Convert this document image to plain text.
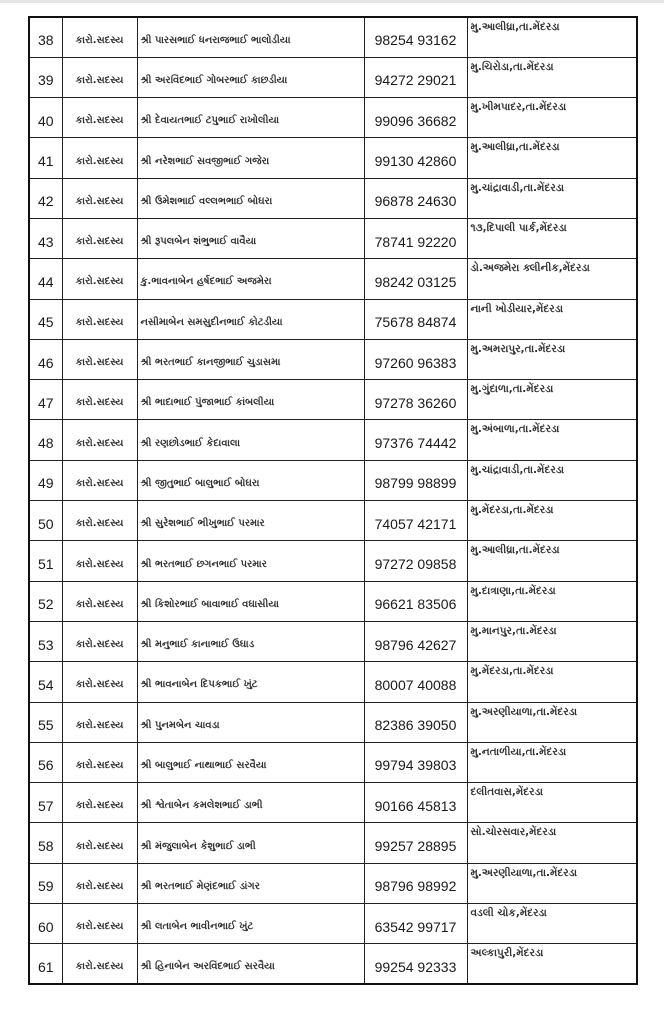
38	કારો.સદસ્ય	શ્રી પારસભાઈ ધનરાજભાઈ ભાલોડીયા	98254 93162	મુ.આલીધ્રા,તા.મેંદરડા
39	કારો.સદસ્ય	શ્રી અરવિંદભાઈ ગોબરભાઈ કાછડીયા	94272 29021	મુ.ચિરોડા,તા.મેંદરડા
40	કારો.સદસ્ય	શ્રી દેવાયતભાઈ ટપુભાઈ રાખોલીયા	99096 36682	મુ.ખીમપાદર,તા.મેંદરડા
41	કારો.સદસ્ય	શ્રી નરેશભાઈ સવજીભાઈ ગજેરા	99130 42860	મુ.આલીધ્રા,તા.મેંદરડા
42	કારો.સદસ્ય	શ્રી ઉમેશભાઈ વલ્લભભાઈ બોઘરા	96878 24630	મુ.ચાંદ્રાવાડી,તા.મેંદરડા
43	કારો.સદસ્ય	શ્રી રૂપલબેન શંભુભાઈ વાવૈયા	78741 92220	૧૩,દિપાલી પાર્ક,મેંદરડા
44	કારો.સદસ્ય	કુ.ભાવનાબેન હર્ષદભાઈ અજમેરા	98242 03125	ડો.અજમેરા ક્લીનીક,મેંદરડા
45	કારો.સદસ્ય	નસીમાબેન સમસુદીનભાઈ કોટડીયા	75678 84874	નાની ખોડીયાર,મેંદરડા
46	કારો.સદસ્ય	શ્રી ભરતભાઈ કાનજીભાઈ ચુડાસમા	97260 96383	મુ.અમરાપુર,તા.મેંદરડા
47	કારો.સદસ્ય	શ્રી ભાદાભાઈ પુંજાભાઈ કાંબલીયા	97278 36260	મુ.ગુંદાળા,તા.મેંદરડા
48	કારો.સદસ્ય	શ્રી રણછોડભાઈ કેદાવાલા	97376 74442	મુ.અંબાળા,તા.મેંદરડા
49	કારો.સદસ્ય	શ્રી જીતુભાઈ બાલુભાઈ બોઘરા	98799 98899	મુ.ચાંદ્રાવાડી,તા.મેંદરડા
50	કારો.સદસ્ય	શ્રી સુરેશભાઈ ભીખુભાઈ પરમાર	74057 42171	મુ.મેંદરડા,તા.મેંદરડા
51	કારો.સદસ્ય	શ્રી ભરતભાઈ છગનભાઈ પરમાર	97272 09858	મુ.આલીધ્રા,તા.મેંદરડા
52	કારો.સદસ્ય	શ્રી કિશોરભાઈ બાવાભાઈ વઘાસીયા	96621 83506	મુ.દાત્રાણા,તા.મેંદરડા
53	કારો.સદસ્ય	શ્રી મનુભાઈ કાનાભાઈ ઉઘાડ	98796 42627	મુ.માનપુર,તા.મેંદરડા
54	કારો.સદસ્ય	શ્રી ભાવનાબેન દિપકભાઈ ખુંટ	80007 40088	મુ.મેંદરડા,તા.મેંદરડા
55	કારો.સદસ્ય	શ્રી પુનમબેન ચાવડા	82386 39050	મુ.અરણીયાળા,તા.મેંદરડા
56	કારો.સદસ્ય	શ્રી બાલુભાઈ નાથાભાઈ સરવૈયા	99794 39803	મુ.નતાળીયા,તા.મેંદરડા
57	કારો.સદસ્ય	શ્રી શ્વેતાબેન કમલેશભાઈ ડાભી	90166 45813	દલીતવાસ,મેંદરડા
58	કારો.સદસ્ય	શ્રી મંજુલાબેન કેશુભાઈ ડાભી	99257 28895	સો.ચોરસવાર,મેંદરડા
59	કારો.સદસ્ય	શ્રી ભરતભાઈ મેણંદભાઈ ડાંગર	98796 98992	મુ.અરણીયાળા,તા.મેંદરડા
60	કારો.સદસ્ય	શ્રી લતાબેન ભાવીનભાઈ ખુંટ	63542 99717	વડલી ચોક,મેંદરડા
61	કારો.સદસ્ય	શ્રી હિનાબેન અરવિંદભાઈ સરવૈયા	99254 92333	અલ્કાપુરી,મેંદરડા
